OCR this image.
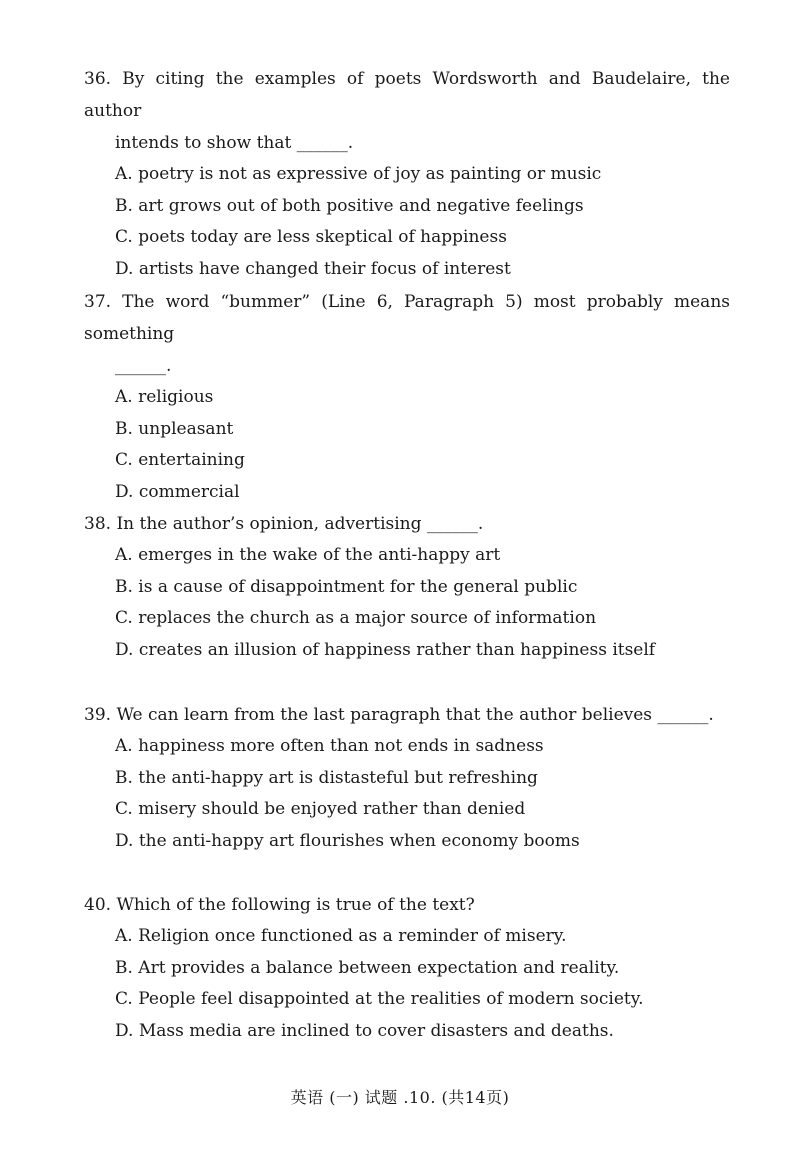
36. By citing the examples of poets Wordsworth and Baudelaire, the author
intends to show that ______.
A. poetry is not as expressive of joy as painting or music
B. art grows out of both positive and negative feelings
C. poets today are less skeptical of happiness
D. artists have changed their focus of interest
37. The word “bummer” (Line 6, Paragraph 5) most probably means something
______.
A. religious
B. unpleasant
C. entertaining
D. commercial
38. In the author’s opinion, advertising ______.
A. emerges in the wake of the anti-happy art
B. is a cause of disappointment for the general public
C. replaces the church as a major source of information
D. creates an illusion of happiness rather than happiness itself
39. We can learn from the last paragraph that the author believes ______.
A. happiness more often than not ends in sadness
B. the anti-happy art is distasteful but refreshing
C. misery should be enjoyed rather than denied
D. the anti-happy art flourishes when economy booms
40. Which of the following is true of the text?
A. Religion once functioned as a reminder of misery.
B. Art provides a balance between expectation and reality.
C. People feel disappointed at the realities of modern society.
D. Mass media are inclined to cover disasters and deaths.
英语 (一) 试题 .10. (共14页)
